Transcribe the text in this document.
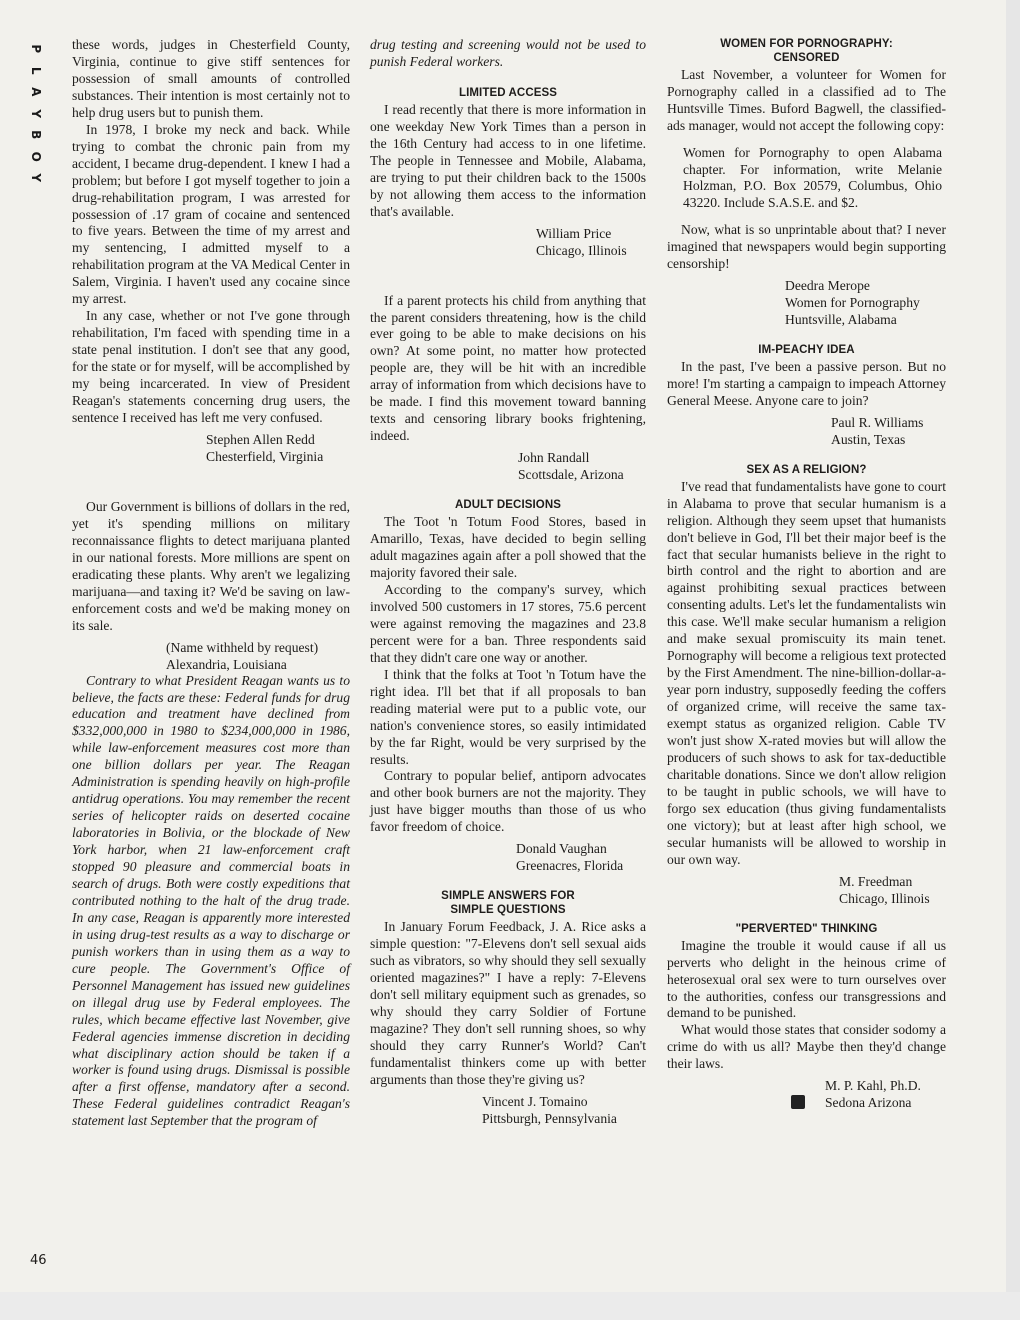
P
L
A
Y
B
O
Y
46

these words, judges in Chesterfield County, Virginia, continue to give stiff sentences for possession of small amounts of controlled substances. Their intention is most certainly not to help drug users but to punish them.

In 1978, I broke my neck and back. While trying to combat the chronic pain from my accident, I became drug-dependent. I knew I had a problem; but before I got myself together to join a drug-rehabilitation program, I was arrested for possession of .17 gram of cocaine and sentenced to five years. Between the time of my arrest and my sentencing, I admitted myself to a rehabilitation program at the VA Medical Center in Salem, Virginia. I haven't used any cocaine since my arrest.

In any case, whether or not I've gone through rehabilitation, I'm faced with spending time in a state penal institution. I don't see that any good, for the state or for myself, will be accomplished by my being incarcerated. In view of President Reagan's statements concerning drug users, the sentence I received has left me very confused.

Stephen Allen Redd
Chesterfield, Virginia

Our Government is billions of dollars in the red, yet it's spending millions on military reconnaissance flights to detect marijuana planted in our national forests. More millions are spent on eradicating these plants. Why aren't we legalizing marijuana—and taxing it? We'd be saving on law-enforcement costs and we'd be making money on its sale.

(Name withheld by request)
Alexandria, Louisiana

Contrary to what President Reagan wants us to believe, the facts are these: Federal funds for drug education and treatment have declined from $332,000,000 in 1980 to $234,000,000 in 1986, while law-enforcement measures cost more than one billion dollars per year. The Reagan Administration is spending heavily on high-profile antidrug operations. You may remember the recent series of helicopter raids on deserted cocaine laboratories in Bolivia, or the blockade of New York harbor, when 21 law-enforcement craft stopped 90 pleasure and commercial boats in search of drugs. Both were costly expeditions that contributed nothing to the halt of the drug trade. In any case, Reagan is apparently more interested in using drug-test results as a way to discharge or punish workers than in using them as a way to cure people. The Government's Office of Personnel Management has issued new guidelines on illegal drug use by Federal employees. The rules, which became effective last November, give Federal agencies immense discretion in deciding what disciplinary action should be taken if a worker is found using drugs. Dismissal is possible after a first offense, mandatory after a second. These Federal guidelines contradict Reagan's statement last September that the program of

drug testing and screening would not be used to punish Federal workers.

LIMITED ACCESS

I read recently that there is more information in one weekday New York Times than a person in the 16th Century had access to in one lifetime. The people in Tennessee and Mobile, Alabama, are trying to put their children back to the 1500s by not allowing them access to the information that's available.

William Price
Chicago, Illinois

If a parent protects his child from anything that the parent considers threatening, how is the child ever going to be able to make decisions on his own? At some point, no matter how protected people are, they will be hit with an incredible array of information from which decisions have to be made. I find this movement toward banning texts and censoring library books frightening, indeed.

John Randall
Scottsdale, Arizona
ADULT DECISIONS

The Toot 'n Totum Food Stores, based in Amarillo, Texas, have decided to begin selling adult magazines again after a poll showed that the majority favored their sale.

According to the company's survey, which involved 500 customers in 17 stores, 75.6 percent were against removing the magazines and 23.8 percent were for a ban. Three respondents said that they didn't care one way or another.

I think that the folks at Toot 'n Totum have the right idea. I'll bet that if all proposals to ban reading material were put to a public vote, our nation's convenience stores, so easily intimidated by the far Right, would be very surprised by the results.

Contrary to popular belief, antiporn advocates and other book burners are not the majority. They just have bigger mouths than those of us who favor freedom of choice.

Donald Vaughan
Greenacres, Florida
SIMPLE ANSWERS FOR
SIMPLE QUESTIONS

In January Forum Feedback, J. A. Rice asks a simple question: "7-Elevens don't sell sexual aids such as vibrators, so why should they sell sexually oriented magazines?" I have a reply: 7-Elevens don't sell military equipment such as grenades, so why should they carry Soldier of Fortune magazine? They don't sell running shoes, so why should they carry Runner's World? Can't fundamentalist thinkers come up with better arguments than those they're giving us?

Vincent J. Tomaino
Pittsburgh, Pennsylvania
WOMEN FOR PORNOGRAPHY:
CENSORED

Last November, a volunteer for Women for Pornography called in a classified ad to The Huntsville Times. Buford Bagwell, the classified-ads manager, would not accept the following copy:

Women for Pornography to open Alabama chapter. For information, write Melanie Holzman, P.O. Box 20579, Columbus, Ohio 43220. Include S.A.S.E. and $2.

Now, what is so unprintable about that? I never imagined that newspapers would begin supporting censorship!

Deedra Merope
Women for Pornography
Huntsville, Alabama
IM-PEACHY IDEA

In the past, I've been a passive person. But no more! I'm starting a campaign to impeach Attorney General Meese. Anyone care to join?

Paul R. Williams
Austin, Texas
SEX AS A RELIGION?

I've read that fundamentalists have gone to court in Alabama to prove that secular humanism is a religion. Although they seem upset that humanists don't believe in God, I'll bet their major beef is the fact that secular humanists believe in the right to birth control and the right to abortion and are against prohibiting sexual practices between consenting adults. Let's let the fundamentalists win this case. We'll make secular humanism a religion and make sexual promiscuity its main tenet. Pornography will become a religious text protected by the First Amendment. The nine-billion-dollar-a-year porn industry, supposedly feeding the coffers of organized crime, will receive the same tax-exempt status as organized religion. Cable TV won't just show X-rated movies but will allow the producers of such shows to ask for tax-deductible charitable donations. Since we don't allow religion to be taught in public schools, we will have to forgo sex education (thus giving fundamentalists one victory); but at least after high school, we secular humanists will be allowed to worship in our own way.

M. Freedman
Chicago, Illinois
"PERVERTED" THINKING

Imagine the trouble it would cause if all us perverts who delight in the heinous crime of heterosexual oral sex were to turn ourselves over to the authorities, confess our transgressions and demand to be punished.

What would those states that consider sodomy a crime do with us all? Maybe then they'd change their laws.

M. P. Kahl, Ph.D.
Sedona Arizona
